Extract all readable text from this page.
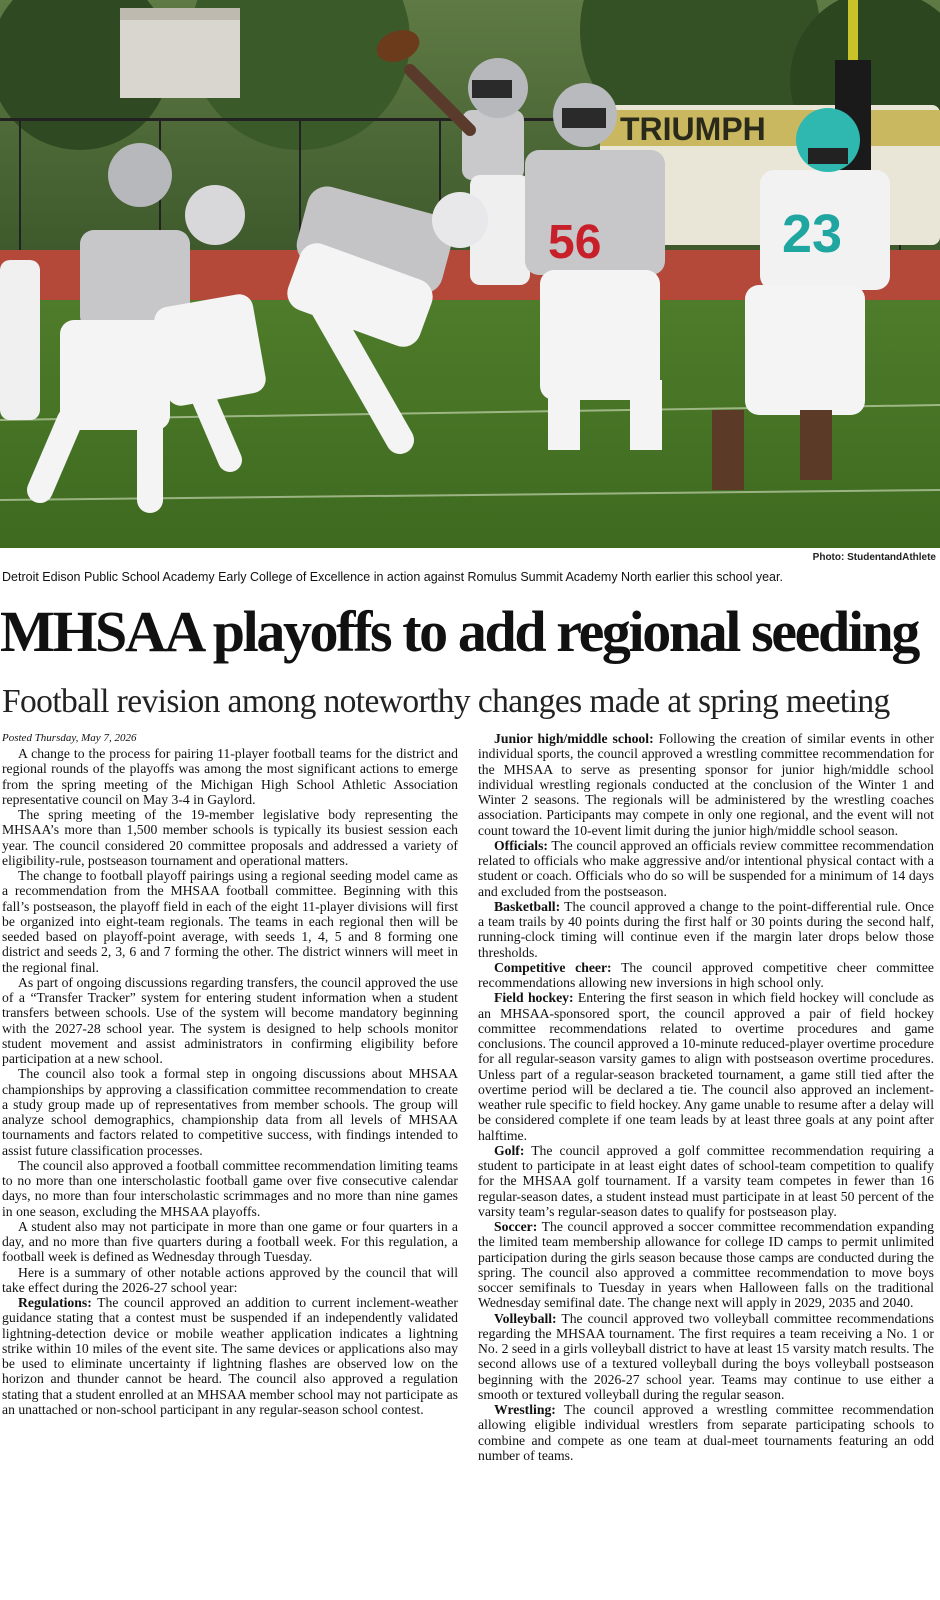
TRIUMPH
56	23
Photo: StudentandAthlete
Detroit Edison Public School Academy Early College of Excellence in action against Romulus Summit Academy North earlier this school year.
MHSAA playoffs to add regional seeding
Football revision among noteworthy changes made at spring meeting

Posted Thursday, May 7, 2026

A change to the process for pairing 11-player football teams for the district and regional rounds of the playoffs was among the most significant actions to emerge from the spring meeting of the Michigan High School Athletic Association representative council on May 3-4 in Gaylord.

The spring meeting of the 19-member legislative body representing the MHSAA’s more than 1,500 member schools is typically its busiest session each year. The council considered 20 committee proposals and addressed a variety of eligibility-rule, postseason tournament and operational matters.

The change to football playoff pairings using a regional seeding model came as a recommendation from the MHSAA football committee. Beginning with this fall’s postseason, the playoff field in each of the eight 11-player divisions will first be organized into eight-team regionals. The teams in each regional then will be seeded based on playoff-point average, with seeds 1, 4, 5 and 8 forming one district and seeds 2, 3, 6 and 7 forming the other. The district winners will meet in the regional final.

As part of ongoing discussions regarding transfers, the council approved the use of a “Transfer Tracker” system for entering student information when a student transfers between schools. Use of the system will become mandatory beginning with the 2027-28 school year. The system is designed to help schools monitor student movement and assist administrators in confirming eligibility before participation at a new school.

The council also took a formal step in ongoing discussions about MHSAA championships by approving a classification committee recommendation to create a study group made up of representatives from member schools. The group will analyze school demographics, championship data from all levels of MHSAA tournaments and factors related to competitive success, with findings intended to assist future classification processes.

The council also approved a football committee recommendation limiting teams to no more than one interscholastic football game over five consecutive calendar days, no more than four interscholastic scrimmages and no more than nine games in one season, excluding the MHSAA playoffs.

A student also may not participate in more than one game or four quarters in a day, and no more than five quarters during a football week. For this regulation, a football week is defined as Wednesday through Tuesday.

Here is a summary of other notable actions approved by the council that will take effect during the 2026-27 school year:

Regulations: The council approved an addition to current inclement-weather guidance stating that a contest must be suspended if an independently validated lightning-detection device or mobile weather application indicates a lightning strike within 10 miles of the event site. The same devices or applications also may be used to eliminate uncertainty if lightning flashes are observed low on the horizon and thunder cannot be heard. The council also approved a regulation stating that a student enrolled at an MHSAA member school may not participate as an unattached or non-school participant in any regular-season school contest.

Junior high/middle school: Following the creation of similar events in other individual sports, the council approved a wrestling committee recommendation for the MHSAA to serve as presenting sponsor for junior high/middle school individual wrestling regionals conducted at the conclusion of the Winter 1 and Winter 2 seasons. The regionals will be administered by the wrestling coaches association. Participants may compete in only one regional, and the event will not count toward the 10-event limit during the junior high/middle school season.

Officials: The council approved an officials review committee recommendation related to officials who make aggressive and/or intentional physical contact with a student or coach. Officials who do so will be suspended for a minimum of 14 days and excluded from the postseason.

Basketball: The council approved a change to the point-differential rule. Once a team trails by 40 points during the first half or 30 points during the second half, running-clock timing will continue even if the margin later drops below those thresholds.

Competitive cheer: The council approved competitive cheer committee recommendations allowing new inversions in high school only.

Field hockey: Entering the first season in which field hockey will conclude as an MHSAA-sponsored sport, the council approved a pair of field hockey committee recommendations related to overtime procedures and game conclusions. The council approved a 10-minute reduced-player overtime procedure for all regular-season varsity games to align with postseason overtime procedures. Unless part of a regular-season bracketed tournament, a game still tied after the overtime period will be declared a tie. The council also approved an inclement-weather rule specific to field hockey. Any game unable to resume after a delay will be considered complete if one team leads by at least three goals at any point after halftime.

Golf: The council approved a golf committee recommendation requiring a student to participate in at least eight dates of school-team competition to qualify for the MHSAA golf tournament. If a varsity team competes in fewer than 16 regular-season dates, a student instead must participate in at least 50 percent of the varsity team’s regular-season dates to qualify for postseason play.

Soccer: The council approved a soccer committee recommendation expanding the limited team membership allowance for college ID camps to permit unlimited participation during the girls season because those camps are conducted during the spring. The council also approved a committee recommendation to move boys soccer semifinals to Tuesday in years when Halloween falls on the traditional Wednesday semifinal date. The change next will apply in 2029, 2035 and 2040.

Volleyball: The council approved two volleyball committee recommendations regarding the MHSAA tournament. The first requires a team receiving a No. 1 or No. 2 seed in a girls volleyball district to have at least 15 varsity match results. The second allows use of a textured volleyball during the boys volleyball postseason beginning with the 2026-27 school year. Teams may continue to use either a smooth or textured volleyball during the regular season.

Wrestling: The council approved a wrestling committee recommendation allowing eligible individual wrestlers from separate participating schools to combine and compete as one team at dual-meet tournaments featuring an odd number of teams.
